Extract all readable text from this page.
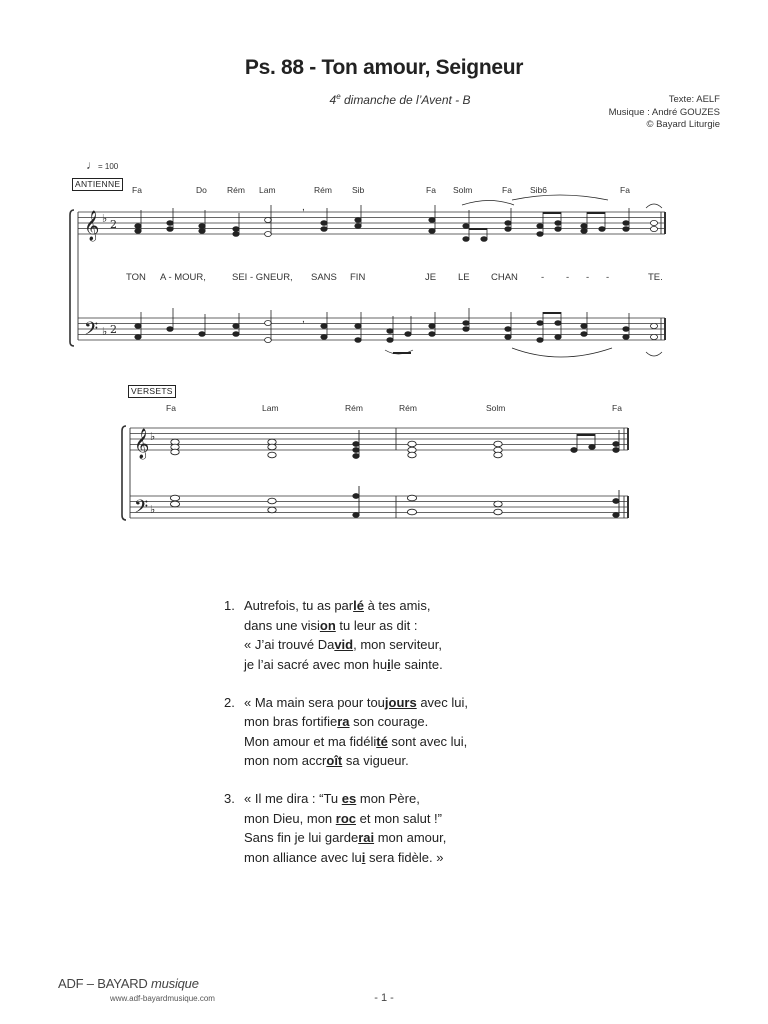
Ps. 88 - Ton amour, Seigneur
4e dimanche de l’Avent - B	Texte: AELF
Musique : André GOUZES
© Bayard Liturgie
♩= 100
ANTIENNE
Fa	Do Rém Lam	Rém Sib	Fa Solm	Fa Sib6	Fa
TON A - MOUR,	SEI - GNEUR, SANS FIN	JE LE CHAN - - - -	TE.
VERSETS
Fa	Lam	Rém	Rém	Solm	Fa
𝄞
𝄢
♭
♭
2
2
,
,
𝄞
𝄢
♭
♭
1. Autrefois, tu as parlé à tes amis,
dans une vision tu leur as dit :
« J’ai trouvé David, mon serviteur,
je l’ai sacré avec mon huile sainte.
2. « Ma main sera pour toujours avec lui,
mon bras fortifiera son courage.
Mon amour et ma fidélité sont avec lui,
mon nom accroît sa vigueur.
3. « Il me dira : “Tu es mon Père,
mon Dieu, mon roc et mon salut !”
Sans fin je lui garderai mon amour,
mon alliance avec lui sera fidèle. »
ADF – BAYARD musique
www.adf-bayardmusique.com	- 1 -
